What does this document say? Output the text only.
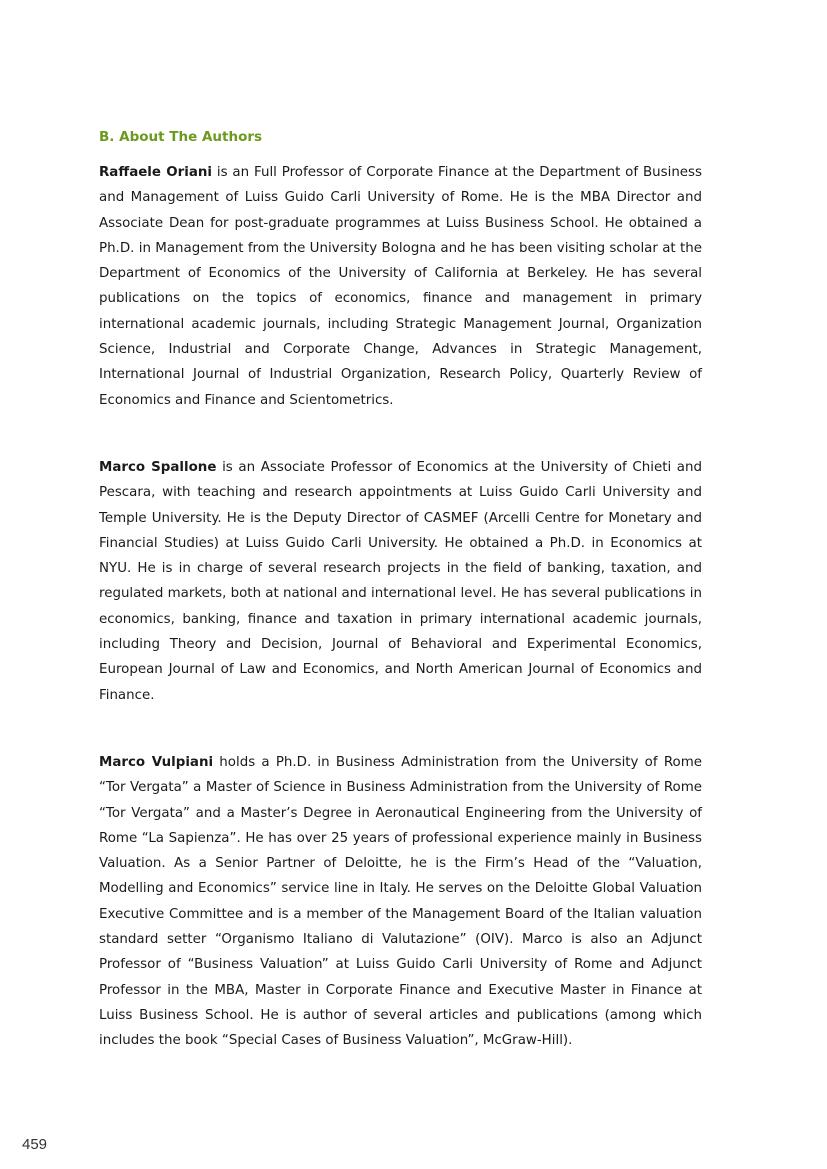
B. About The Authors

Raffaele Oriani is an Full Professor of Corporate Finance at the Department of Business and Management of Luiss Guido Carli University of Rome. He is the MBA Director and Associate Dean for post-graduate programmes at Luiss Business School. He obtained a Ph.D. in Management from the University Bologna and he has been visiting scholar at the Department of Economics of the University of California at Berkeley. He has several publications on the topics of economics, finance and management in primary international academic journals, including Strategic Management Journal, Organization Science, Industrial and Corporate Change, Advances in Strategic Management, International Journal of Industrial Organization, Research Policy, Quarterly Review of Economics and Finance and Scientometrics.

Marco Spallone is an Associate Professor of Economics at the University of Chieti and Pescara, with teaching and research appointments at Luiss Guido Carli University and Temple University. He is the Deputy Director of CASMEF (Arcelli Centre for Monetary and Financial Studies) at Luiss Guido Carli University. He obtained a Ph.D. in Economics at NYU. He is in charge of several research projects in the field of banking, taxation, and regulated markets, both at national and international level. He has several publications in economics, banking, finance and taxation in primary international academic journals, including Theory and Decision, Journal of Behavioral and Experimental Economics, European Journal of Law and Economics, and North American Journal of Economics and Finance.

Marco Vulpiani holds a Ph.D. in Business Administration from the University of Rome “Tor Vergata” a Master of Science in Business Administration from the University of Rome “Tor Vergata” and a Master’s Degree in Aeronautical Engineering from the University of Rome “La Sapienza”. He has over 25 years of professional experience mainly in Business Valuation. As a Senior Partner of Deloitte, he is the Firm’s Head of the “Valuation, Modelling and Economics” service line in Italy. He serves on the Deloitte Global Valuation Executive Committee and is a member of the Management Board of the Italian valuation standard setter “Organismo Italiano di Valutazione” (OIV). Marco is also an Adjunct Professor of “Business Valuation” at Luiss Guido Carli University of Rome and Adjunct Professor in the MBA, Master in Corporate Finance and Executive Master in Finance at Luiss Business School. He is author of several articles and publications (among which includes the book “Special Cases of Business Valuation”, McGraw-Hill).

459
